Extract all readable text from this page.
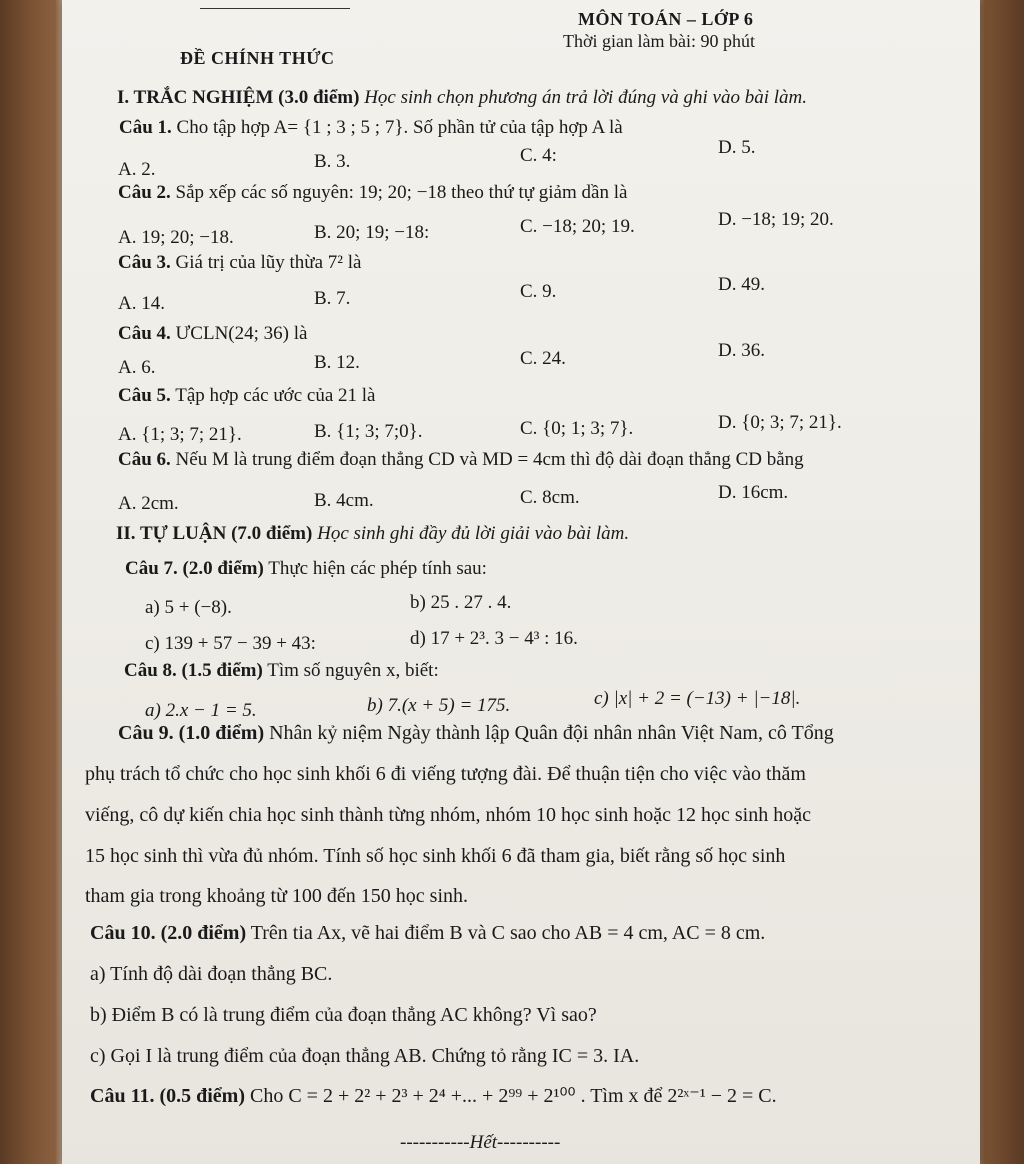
MÔN TOÁN – LỚP 6
ĐỀ CHÍNH THỨC
Thời gian làm bài: 90 phút
I. TRẮC NGHIỆM (3.0 điểm) Học sinh chọn phương án trả lời đúng và ghi vào bài làm.
Câu 1. Cho tập hợp A= {1 ; 3 ; 5 ; 7}. Số phần tử của tập hợp A là
A. 2.	B. 3.	C. 4:	D. 5.
Câu 2. Sắp xếp các số nguyên: 19; 20; −18 theo thứ tự giảm dần là
A. 19; 20; −18.	B. 20; 19; −18:	C. −18; 20; 19.	D. −18; 19; 20.
Câu 3. Giá trị của lũy thừa 7² là
A. 14.	B. 7.	C. 9.	D. 49.
Câu 4. ƯCLN(24; 36) là
A. 6.	B. 12.	C. 24.	D. 36.
Câu 5. Tập hợp các ước của 21 là
A. {1; 3; 7; 21}.	B. {1; 3; 7;0}.	C. {0; 1; 3; 7}.	D. {0; 3; 7; 21}.
Câu 6. Nếu M là trung điểm đoạn thẳng CD và MD = 4cm thì độ dài đoạn thẳng CD bằng
A. 2cm.	B. 4cm.	C. 8cm.	D. 16cm.
II. TỰ LUẬN (7.0 điểm) Học sinh ghi đầy đủ lời giải vào bài làm.
Câu 7. (2.0 điểm) Thực hiện các phép tính sau:
a) 5 + (−8).	b) 25 . 27 . 4.
c) 139 + 57 − 39 + 43:	d) 17 + 2³. 3 − 4³ : 16.
Câu 8. (1.5 điểm) Tìm số nguyên x, biết:
a) 2.x − 1 = 5.	b) 7.(x + 5) = 175.	c) |x| + 2 = (−13) + |−18|.
Câu 9. (1.0 điểm) Nhân kỷ niệm Ngày thành lập Quân đội nhân nhân Việt Nam, cô Tổng
phụ trách tổ chức cho học sinh khối 6 đi viếng tượng đài. Để thuận tiện cho việc vào thăm
viếng, cô dự kiến chia học sinh thành từng nhóm, nhóm 10 học sinh hoặc 12 học sinh hoặc
15 học sinh thì vừa đủ nhóm. Tính số học sinh khối 6 đã tham gia, biết rằng số học sinh
tham gia trong khoảng từ 100 đến 150 học sinh.
Câu 10. (2.0 điểm) Trên tia Ax, vẽ hai điểm B và C sao cho AB = 4 cm, AC = 8 cm.
a) Tính độ dài đoạn thẳng BC.
b) Điểm B có là trung điểm của đoạn thẳng AC không? Vì sao?
c) Gọi I là trung điểm của đoạn thẳng AB. Chứng tỏ rằng IC = 3. IA.
Câu 11. (0.5 điểm) Cho C = 2 + 2² + 2³ + 2⁴ +... + 2⁹⁹ + 2¹⁰⁰ . Tìm x để 2²ˣ⁻¹ − 2 = C.
-----------Hết----------
